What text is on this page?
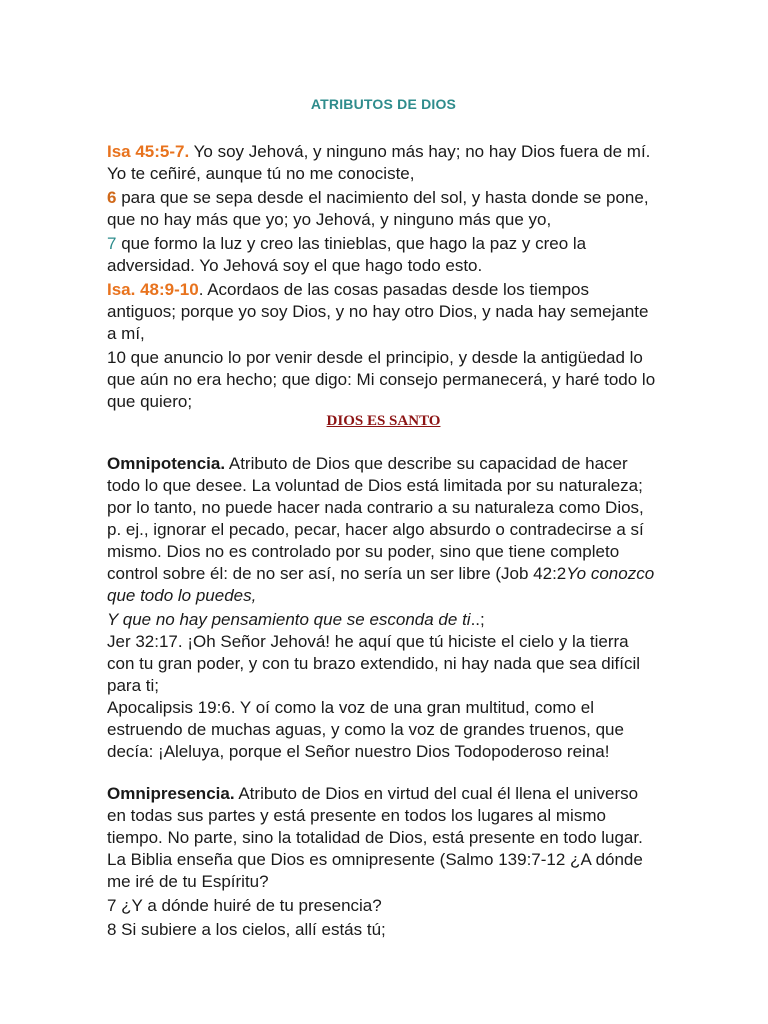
ATRIBUTOS DE DIOS

Isa 45:5-7. Yo soy Jehová, y ninguno más hay; no hay Dios fuera de mí. Yo te ceñiré, aunque tú no me conociste,

6 para que se sepa desde el nacimiento del sol, y hasta donde se pone, que no hay más que yo; yo Jehová, y ninguno más que yo,

7 que formo la luz y creo las tinieblas, que hago la paz y creo la adversidad. Yo Jehová soy el que hago todo esto.

Isa. 48:9-10. Acordaos de las cosas pasadas desde los tiempos antiguos; porque yo soy Dios, y no hay otro Dios, y nada hay semejante a mí,

10 que anuncio lo por venir desde el principio, y desde la antigüedad lo que aún no era hecho; que digo: Mi consejo permanecerá, y haré todo lo que quiero;

DIOS ES SANTO

Omnipotencia. Atributo de Dios que describe su capacidad de hacer todo lo que desee. La voluntad de Dios está limitada por su naturaleza; por lo tanto, no puede hacer nada contrario a su naturaleza como Dios, p. ej., ignorar el pecado, pecar, hacer algo absurdo o contradecirse a sí mismo. Dios no es controlado por su poder, sino que tiene completo control sobre él: de no ser así, no sería un ser libre (Job 42:2Yo conozco que todo lo puedes,

Y que no hay pensamiento que se esconda de ti..;

Jer 32:17. ¡Oh Señor Jehová! he aquí que tú hiciste el cielo y la tierra con tu gran poder, y con tu brazo extendido, ni hay nada que sea difícil para ti;

Apocalipsis 19:6. Y oí como la voz de una gran multitud, como el estruendo de muchas aguas, y como la voz de grandes truenos, que decía: ¡Aleluya, porque el Señor nuestro Dios Todopoderoso reina!

Omnipresencia. Atributo de Dios en virtud del cual él llena el universo en todas sus partes y está presente en todos los lugares al mismo tiempo. No parte, sino la totalidad de Dios, está presente en todo lugar. La Biblia enseña que Dios es omnipresente (Salmo 139:7-12 ¿A dónde me iré de tu Espíritu?

7 ¿Y a dónde huiré de tu presencia?

8 Si subiere a los cielos, allí estás tú;
